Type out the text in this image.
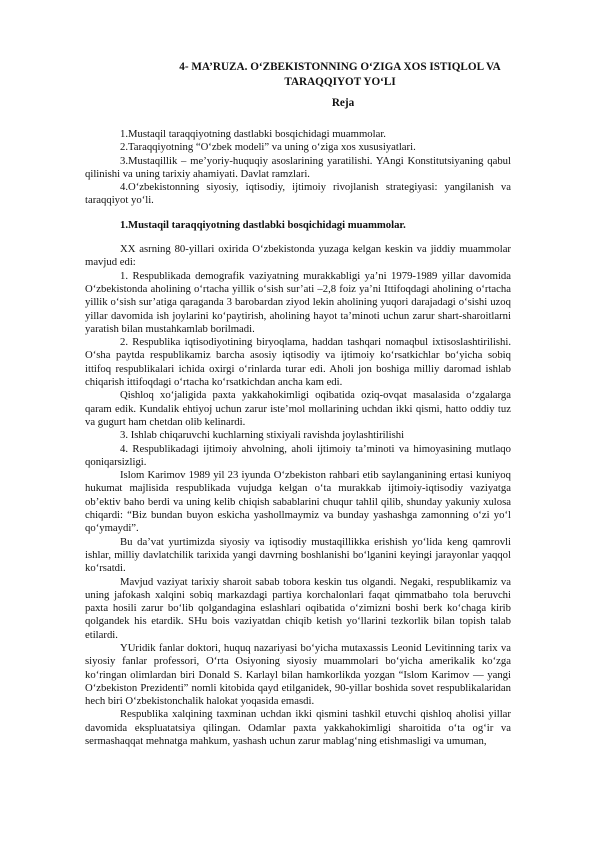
4- MA’RUZA. O‘ZBEKISTONNING O‘ZIGA XOS ISTIQLOL VA TARAQQIYOT YO‘LI
Reja

1.Mustaqil taraqqiyotning dastlabki bosqichidagi muammolar.

2.Taraqqiyotning “O‘zbek modeli” va uning o‘ziga xos xususiyatlari.

3.Mustaqillik – me’yoriy-huquqiy asoslarining yaratilishi. YAngi Konstitutsiyaning qabul qilinishi va uning tarixiy ahamiyati. Davlat ramzlari.

4.O‘zbekistonning siyosiy, iqtisodiy, ijtimoiy rivojlanish strategiyasi: yangilanish va taraqqiyot yo‘li.

1.Mustaqil taraqqiyotning dastlabki bosqichidagi muammolar.

XX asrning 80-yillari oxirida O‘zbekistonda yuzaga kelgan keskin va jiddiy muammolar mavjud edi:

1. Respublikada demografik vaziyatning murakkabligi ya’ni 1979-1989 yillar davomida O‘zbekistonda aholining o‘rtacha yillik o‘sish sur’ati –2,8 foiz ya’ni Ittifoqdagi aholining o‘rtacha yillik o‘sish sur’atiga qaraganda 3 barobardan ziyod lekin aholining yuqori darajadagi o‘sishi uzoq yillar davomida ish joylarini ko‘paytirish, aholining hayot ta’minoti uchun zarur shart-sharoitlarni yaratish bilan mustahkamlab borilmadi.

2. Respublika iqtisodiyotining biryoqlama, haddan tashqari nomaqbul ixtisoslashtirilishi. O‘sha paytda respublikamiz barcha asosiy iqtisodiy va ijtimoiy ko‘rsatkichlar bo‘yicha sobiq ittifoq respublikalari ichida oxirgi o‘rinlarda turar edi. Aholi jon boshiga milliy daromad ishlab chiqarish ittifoqdagi o‘rtacha ko‘rsatkichdan ancha kam edi.

Qishloq xo‘jaligida paxta yakkahokimligi oqibatida oziq-ovqat masalasida o‘zgalarga qaram edik. Kundalik ehtiyoj uchun zarur iste’mol mollarining uchdan ikki qismi, hatto oddiy tuz va gugurt ham chetdan olib kelinardi.

3. Ishlab chiqaruvchi kuchlarning stixiyali ravishda joylashtirilishi

4. Respublikadagi ijtimoiy ahvolning, aholi ijtimoiy ta’minoti va himoyasining mutlaqo qoniqarsizligi.

Islom Karimov 1989 yil 23 iyunda O‘zbekiston rahbari etib saylanganining ertasi kuniyoq hukumat majlisida respublikada vujudga kelgan o‘ta murakkab ijtimoiy-iqtisodiy vaziyatga ob’ektiv baho berdi va uning kelib chiqish sabablarini chuqur tahlil qilib, shunday yakuniy xulosa chiqardi: “Biz bundan buyon eskicha yashollmaymiz va bunday yashashga zamonning o‘zi yo‘l qo‘ymaydi”.

Bu da’vat yurtimizda siyosiy va iqtisodiy mustaqillikka erishish yo‘lida keng qamrovli ishlar, milliy davlatchilik tarixida yangi davrning boshlanishi bo‘lganini keyingi jarayonlar yaqqol ko‘rsatdi.

Mavjud vaziyat tarixiy sharoit sabab tobora keskin tus olgandi. Negaki, respublikamiz va uning jafokash xalqini sobiq markazdagi partiya korchalonlari faqat qimmatbaho tola beruvchi paxta hosili zarur bo‘lib qolgandagina eslashlari oqibatida o‘zimizni boshi berk ko‘chaga kirib qolgandek his etardik. SHu bois vaziyatdan chiqib ketish yo‘llarini tezkorlik bilan topish talab etilardi.

YUridik fanlar doktori, huquq nazariyasi bo‘yicha mutaxassis Leonid Levitinning tarix va siyosiy fanlar professori, O‘rta Osiyoning siyosiy muammolari bo‘yicha amerikalik ko‘zga ko‘ringan olimlardan biri Donald S. Karlayl bilan hamkorlikda yozgan “Islom Karimov — yangi O‘zbekiston Prezidenti” nomli kitobida qayd etilganidek, 90-yillar boshida sovet respublikalaridan hech biri O‘zbekistonchalik halokat yoqasida emasdi.

Respublika xalqining taxminan uchdan ikki qismini tashkil etuvchi qishloq aholisi yillar davomida ekspluatatsiya qilingan. Odamlar paxta yakkahokimligi sharoitida o‘ta og‘ir va sermashaqqat mehnatga mahkum, yashash uchun zarur mablag‘ning etishmasligi va umuman,
